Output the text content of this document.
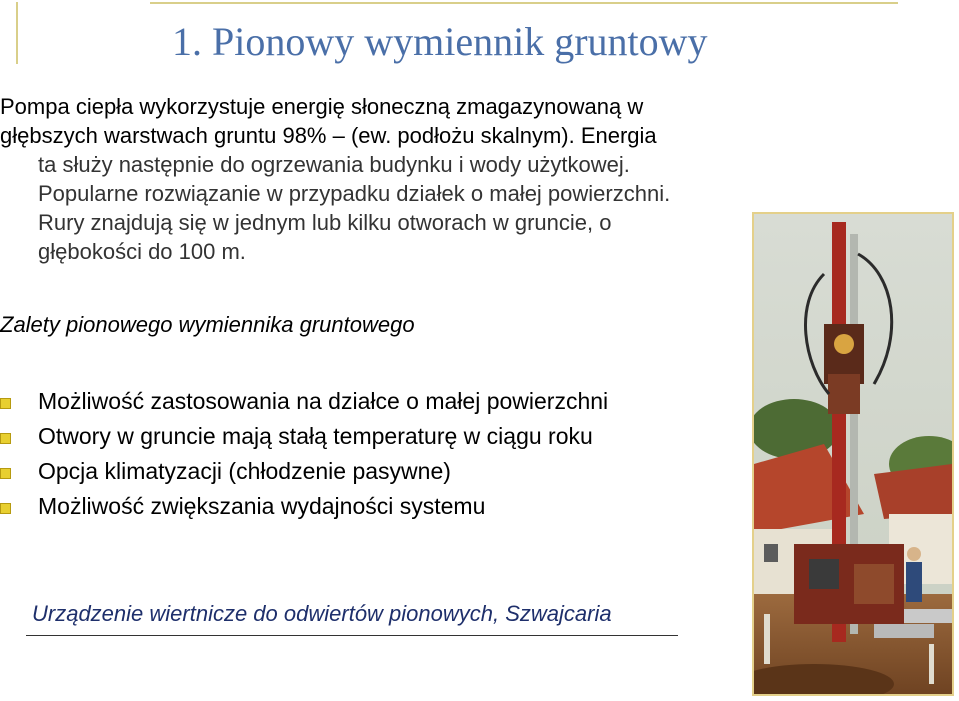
1. Pionowy wymiennik gruntowy
Pompa ciepła wykorzystuje energię słoneczną zmagazynowaną w
głębszych warstwach gruntu 98% – (ew. podłożu skalnym). Energia
ta służy następnie do ogrzewania budynku i wody użytkowej.
Popularne rozwiązanie w przypadku działek o małej powierzchni.
Rury znajdują się w jednym lub kilku otworach w gruncie, o
głębokości do 100 m.
Zalety pionowego wymiennika gruntowego
Możliwość zastosowania na działce o małej powierzchni
Otwory w gruncie mają stałą temperaturę w ciągu roku
Opcja klimatyzacji (chłodzenie pasywne)
Możliwość zwiększania wydajności systemu
Urządzenie wiertnicze do odwiertów pionowych, Szwajcaria
